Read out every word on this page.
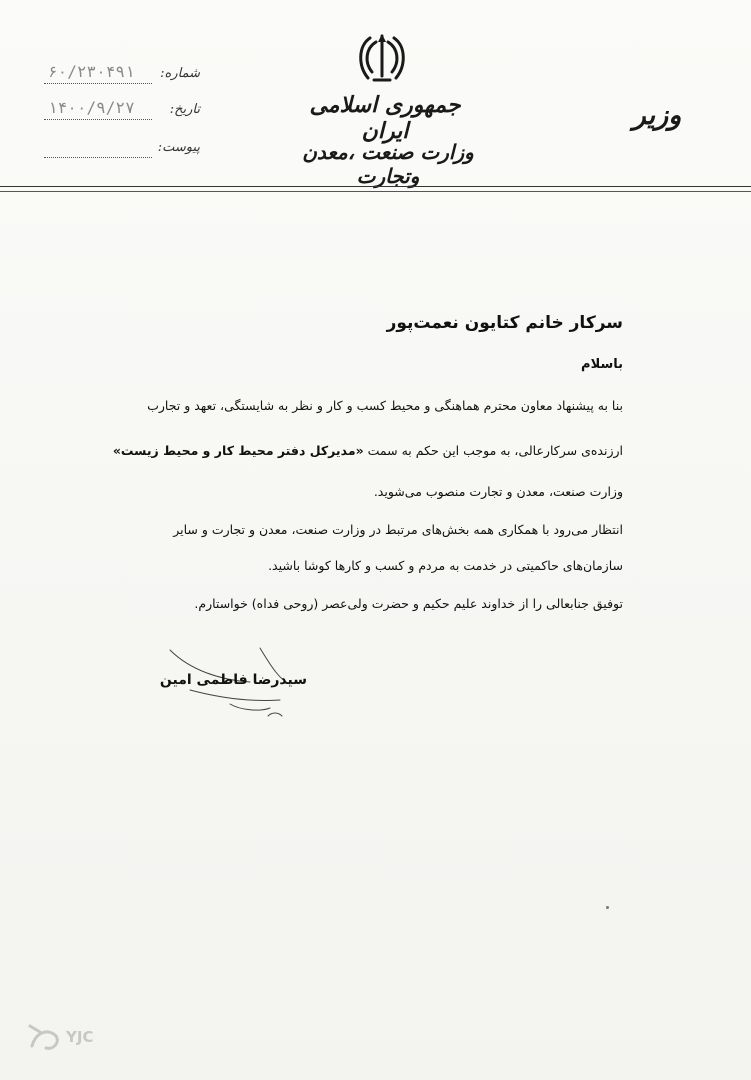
جمهوری اسلامی ایران
وزارت صنعت ،معدن وتجارت
وزیر
شماره:
۶۰/۲۳۰۴۹۱
تاریخ:
۱۴۰۰/۹/۲۷
پیوست:
سرکار خانم کتایون نعمت‌پور
باسلام
بنا به پیشنهاد معاون محترم هماهنگی و محیط کسب و کار و نظر به شایستگی، تعهد و تجارب
ارزنده‌ی سرکارعالی، به موجب این حکم به سمت «مدیرکل دفتر محیط کار و محیط زیست»
وزارت صنعت، معدن و تجارت منصوب می‌شوید.
انتظار می‌رود با همکاری همه بخش‌های مرتبط در وزارت صنعت، معدن و تجارت و سایر
سازمان‌های حاکمیتی در خدمت به مردم و کسب و کارها کوشا باشید.
توفیق جنابعالی را از خداوند علیم حکیم و حضرت ولی‌عصر (روحی فداه) خواستارم.
سیدرضا فاطمی امین
YJC
